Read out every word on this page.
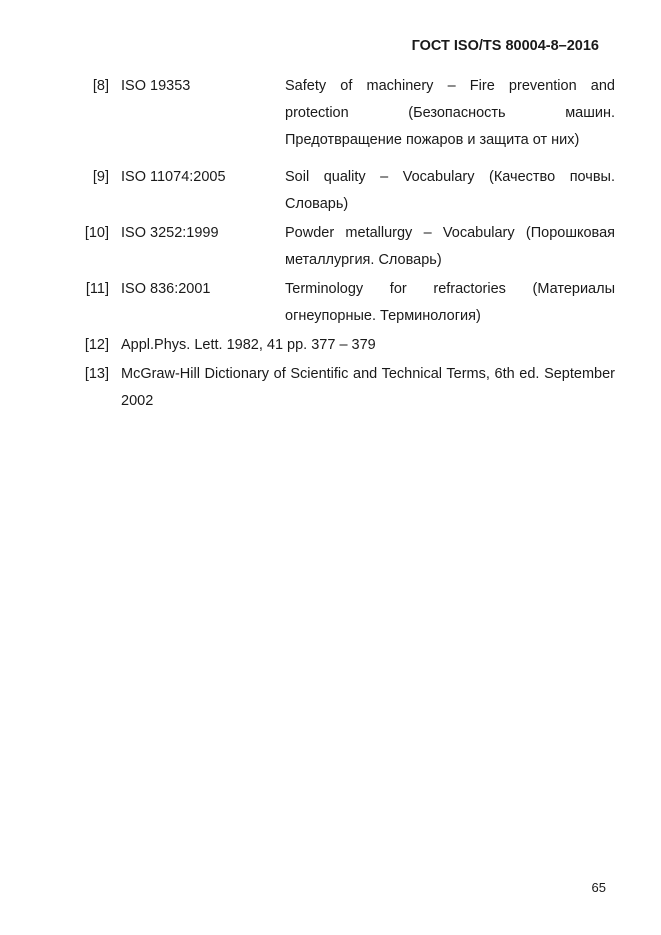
ГОСТ ISO/TS 80004-8–2016
[8] ISO 19353	Safety of machinery – Fire prevention and protection (Безопасность машин. Предотвращение пожаров и защита от них)
[9] ISO 11074:2005	Soil quality – Vocabulary (Качество почвы. Словарь)
[10] ISO 3252:1999	Powder metallurgy – Vocabulary (Порошковая металлургия. Словарь)
[11] ISO 836:2001	Terminology for refractories (Материалы огнеупорные. Терминология)
[12] Appl.Phys. Lett. 1982, 41 pp. 377 – 379
[13] McGraw-Hill Dictionary of Scientific and Technical Terms, 6th ed. September 2002
65
